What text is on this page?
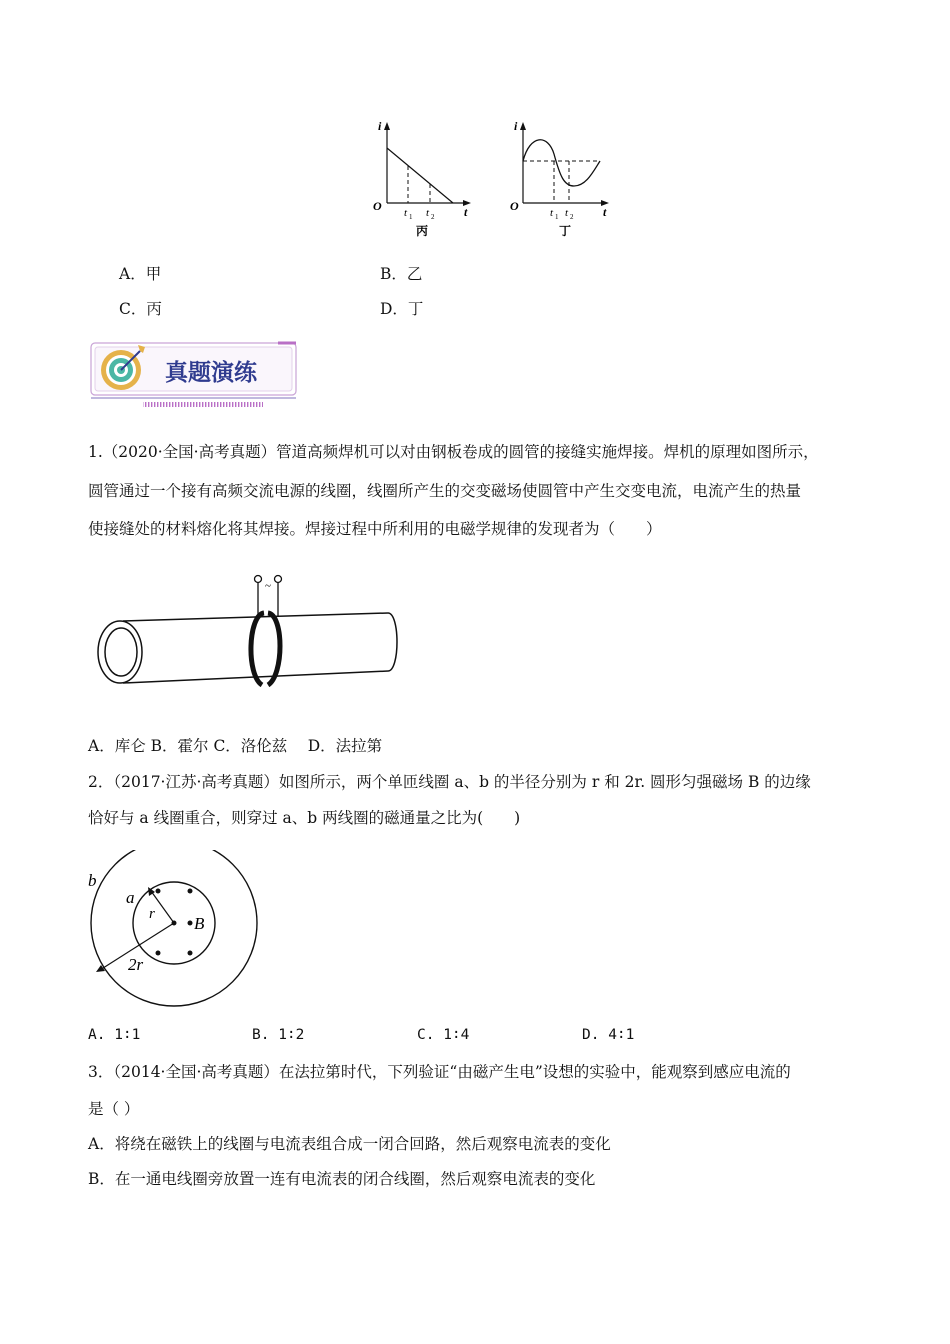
i
t
O t 1 t 2
丙
i
t
O	t 1 t 2
丁
A．甲	B．乙
C．丙	D．丁
真题演练
1.（2020·全国·高考真题）管道高频焊机可以对由钢板卷成的圆管的接缝实施焊接。焊机的原理如图所示，
圆管通过一个接有高频交流电源的线圈，线圈所产生的交变磁场使圆管中产生交变电流，电流产生的热量
使接缝处的材料熔化将其焊接。焊接过程中所利用的电磁学规律的发现者为（　　）
~
A．库仑 B．霍尔 C．洛伦兹　 D．法拉第
2．（2017·江苏·高考真题）如图所示，两个单匝线圈 a、b 的半径分别为 r 和 2r. 圆形匀强磁场 B 的边缘
恰好与 a 线圈重合，则穿过 a、b 两线圈的磁通量之比为(　　)
b
a
r B
2r
A. 1∶1	B. 1∶2	C. 1∶4	D. 4∶1
3．（2014·全国·高考真题）在法拉第时代，下列验证“由磁产生电”设想的实验中，能观察到感应电流的
是（ ）
A．将绕在磁铁上的线圈与电流表组合成一闭合回路，然后观察电流表的变化
B．在一通电线圈旁放置一连有电流表的闭合线圈，然后观察电流表的变化
